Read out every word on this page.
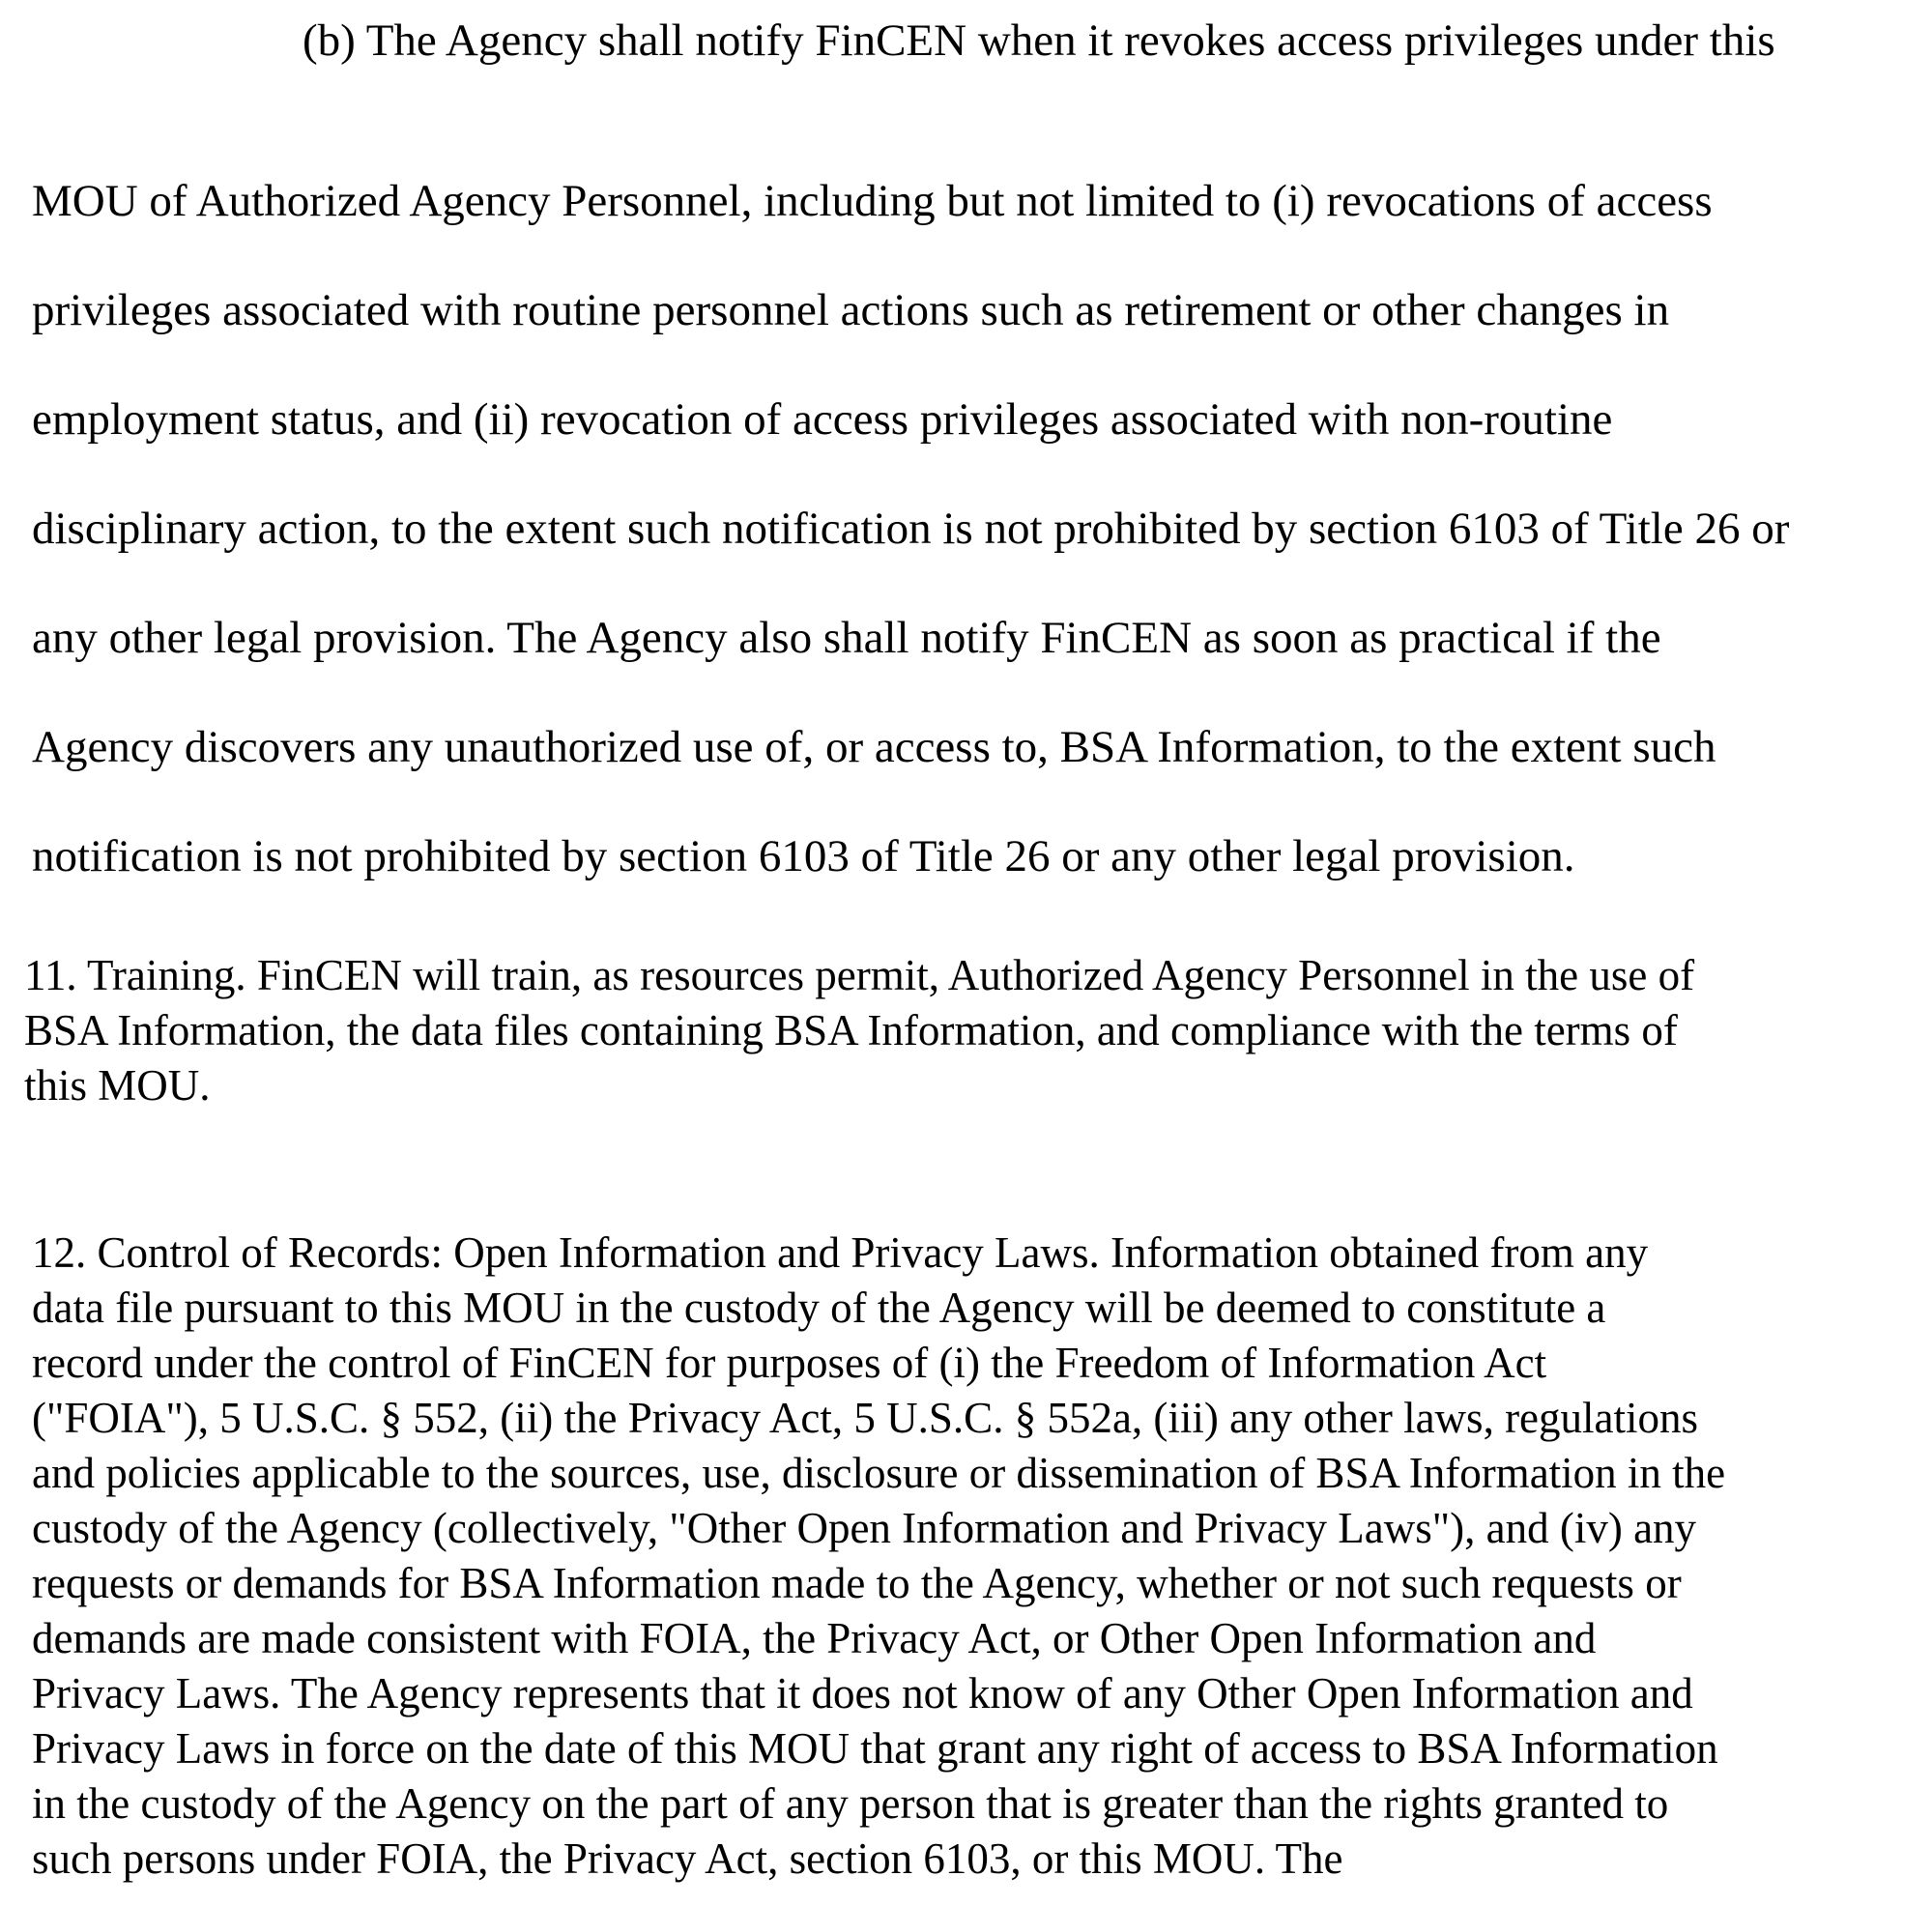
(b) The Agency shall notify FinCEN when it revokes access privileges under this
MOU of Authorized Agency Personnel, including but not limited to (i) revocations of access
privileges associated with routine personnel actions such as retirement or other changes in
employment status, and (ii) revocation of access privileges associated with non-routine
disciplinary action, to the extent such notification is not prohibited by section 6103 of Title 26 or
any other legal provision. The Agency also shall notify FinCEN as soon as practical if the
Agency discovers any unauthorized use of, or access to, BSA Information, to the extent such
notification is not prohibited by section 6103 of Title 26 or any other legal provision.
11. Training. FinCEN will train, as resources permit, Authorized Agency Personnel in the use of
BSA Information, the data files containing BSA Information, and compliance with the terms of
this MOU.
12. Control of Records: Open Information and Privacy Laws. Information obtained from any
data file pursuant to this MOU in the custody of the Agency will be deemed to constitute a
record under the control of FinCEN for purposes of (i) the Freedom of Information Act
("FOIA"), 5 U.S.C. § 552, (ii) the Privacy Act, 5 U.S.C. § 552a, (iii) any other laws, regulations
and policies applicable to the sources, use, disclosure or dissemination of BSA Information in the
custody of the Agency (collectively, "Other Open Information and Privacy Laws"), and (iv) any
requests or demands for BSA Information made to the Agency, whether or not such requests or
demands are made consistent with FOIA, the Privacy Act, or Other Open Information and
Privacy Laws. The Agency represents that it does not know of any Other Open Information and
Privacy Laws in force on the date of this MOU that grant any right of access to BSA Information
in the custody of the Agency on the part of any person that is greater than the rights granted to
such persons under FOIA, the Privacy Act, section 6103, or this MOU. The
